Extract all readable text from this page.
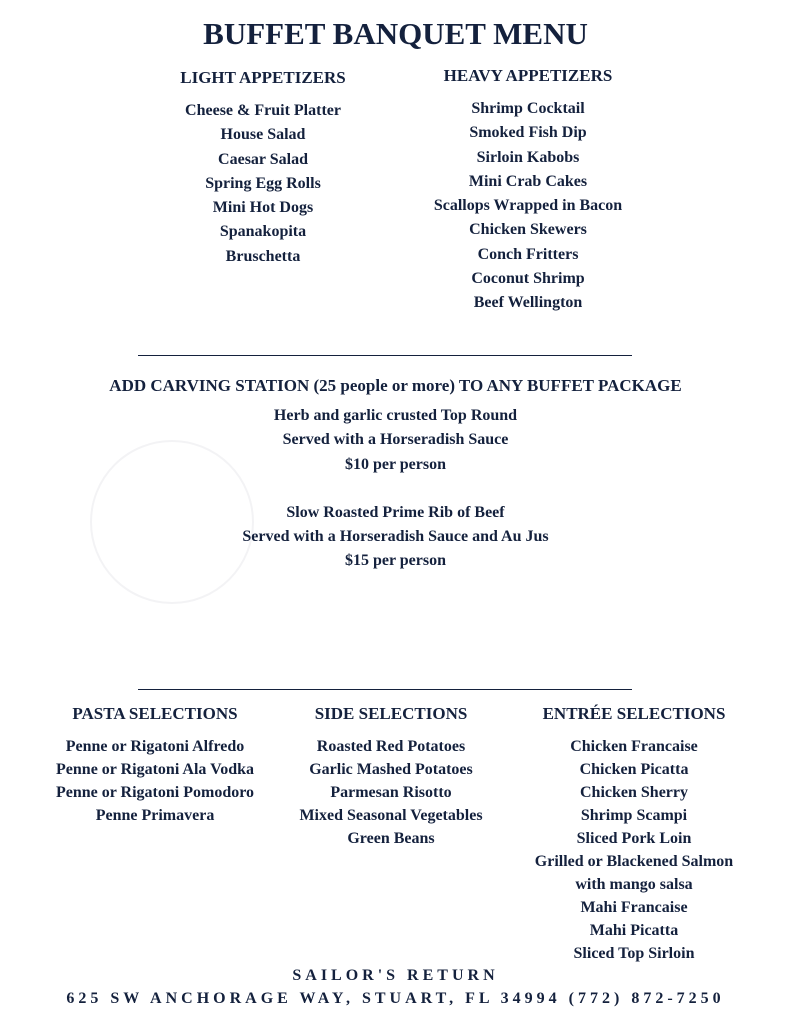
BUFFET BANQUET MENU
LIGHT APPETIZERS
Cheese & Fruit Platter
House Salad
Caesar Salad
Spring Egg Rolls
Mini Hot Dogs
Spanakopita
Bruschetta
HEAVY APPETIZERS
Shrimp Cocktail
Smoked Fish Dip
Sirloin Kabobs
Mini Crab Cakes
Scallops Wrapped in Bacon
Chicken Skewers
Conch Fritters
Coconut Shrimp
Beef Wellington
ADD CARVING STATION (25 people or more) TO ANY BUFFET PACKAGE
Herb and garlic crusted Top Round
Served with a Horseradish Sauce
$10 per person
Slow Roasted Prime Rib of Beef
Served with a Horseradish Sauce and Au Jus
$15 per person
PASTA SELECTIONS
Penne or Rigatoni Alfredo
Penne or Rigatoni Ala Vodka
Penne or Rigatoni Pomodoro
Penne Primavera
SIDE SELECTIONS
Roasted Red Potatoes
Garlic Mashed Potatoes
Parmesan Risotto
Mixed Seasonal Vegetables
Green Beans
ENTRÉE SELECTIONS
Chicken Francaise
Chicken Picatta
Chicken Sherry
Shrimp Scampi
Sliced Pork Loin
Grilled or Blackened Salmon
with mango salsa
Mahi Francaise
Mahi Picatta
Sliced Top Sirloin
SAILOR'S RETURN
625 SW ANCHORAGE WAY, STUART, FL 34994 (772) 872-7250
